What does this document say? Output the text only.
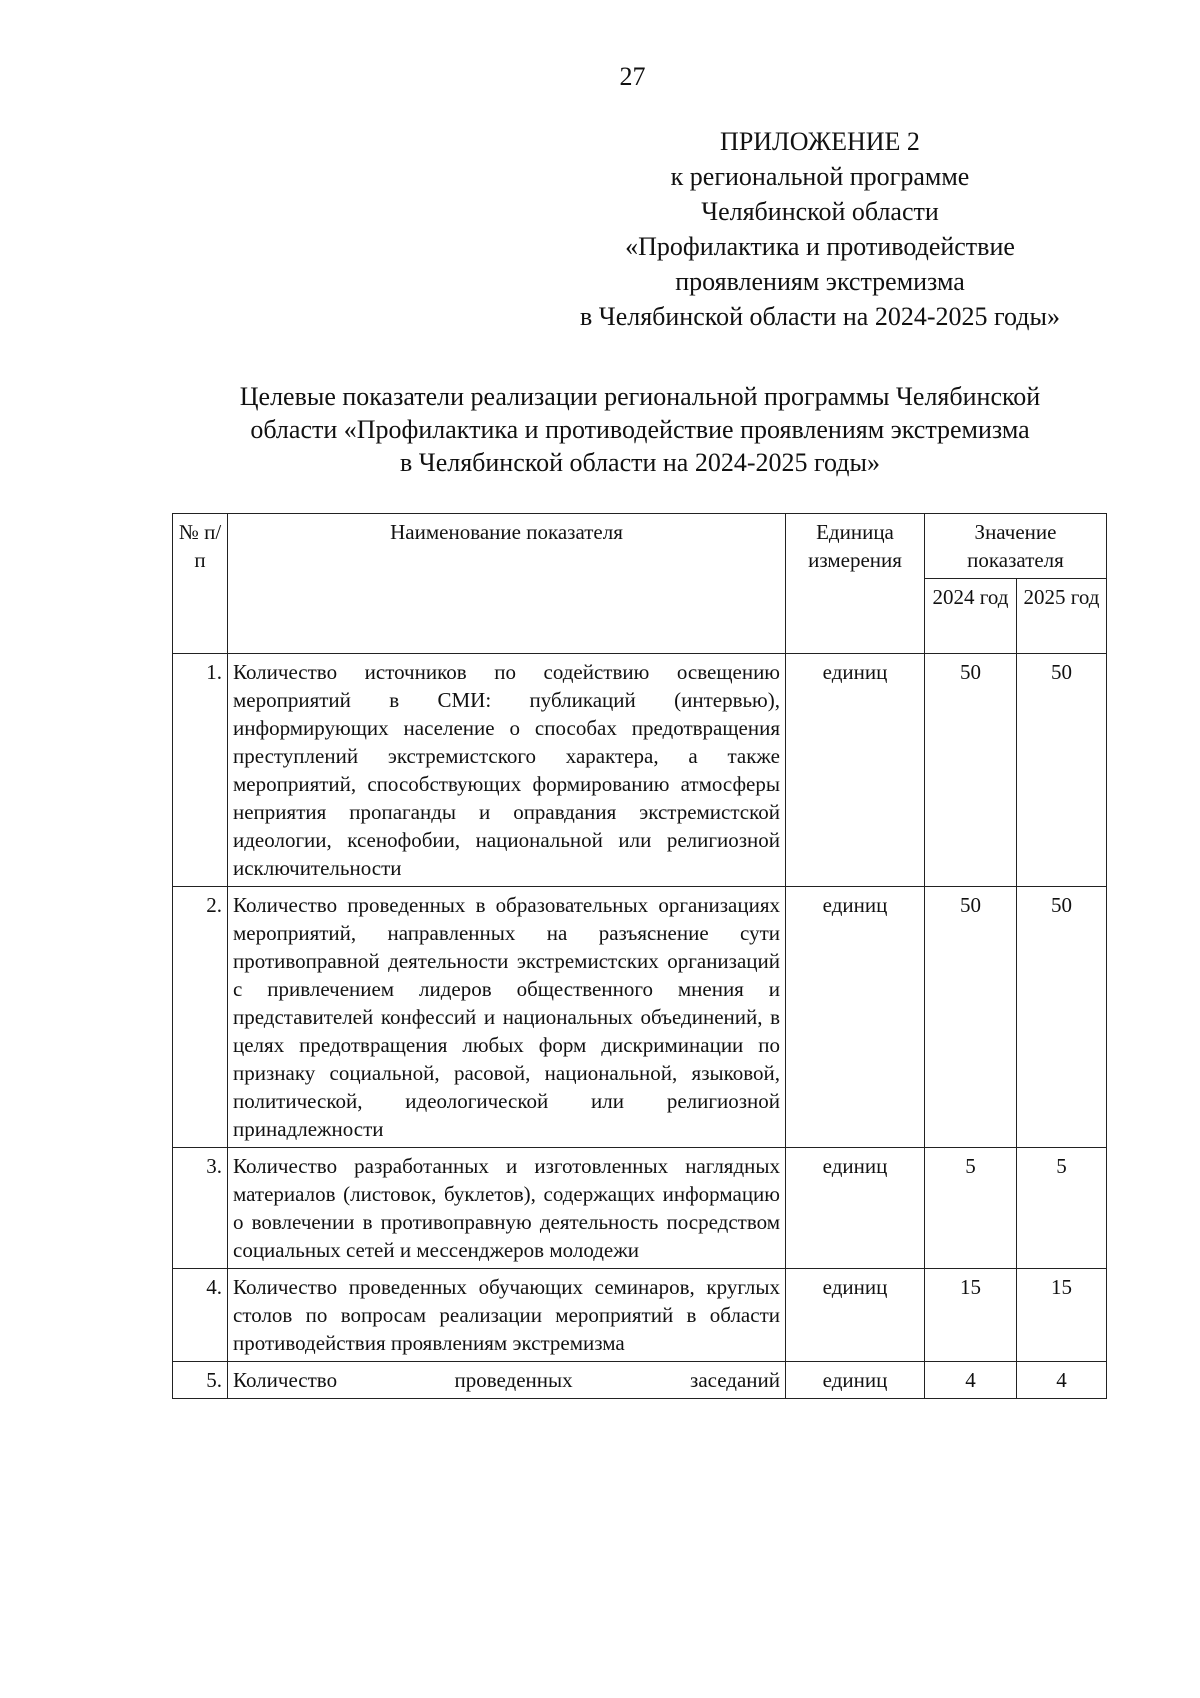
27
ПРИЛОЖЕНИЕ 2
к региональной программе
Челябинской области
«Профилактика и противодействие
проявлениям экстремизма
в Челябинской области на 2024-2025 годы»
Целевые показатели реализации региональной программы Челябинской
области «Профилактика и противодействие проявлениям экстремизма
в Челябинской области на 2024-2025 годы»
№ п/п	Наименование показателя	Единица измерения	Значение показателя	
			2024 год	2025 год
1.	Количество источников по содействию освещению мероприятий в СМИ: публикаций (интервью), информирующих население о способах предотвращения преступлений экстремистского характера, а также мероприятий, способствующих формированию атмосферы неприятия пропаганды и оправдания экстремистской идеологии, ксенофобии, национальной или религиозной исключительности	единиц	50	50
2.	Количество проведенных в образовательных организациях мероприятий, направленных на разъяснение сути противоправной деятельности экстремистских организаций с привлечением лидеров общественного мнения и представителей конфессий и национальных объединений, в целях предотвращения любых форм дискриминации по признаку социальной, расовой, национальной, языковой, политической, идеологической или религиозной принадлежности	единиц	50	50
3.	Количество разработанных и изготовленных наглядных материалов (листовок, буклетов), содержащих информацию о вовлечении в противоправную деятельность посредством социальных сетей и мессенджеров молодежи	единиц	5	5
4.	Количество проведенных обучающих семинаров, круглых столов по вопросам реализации мероприятий в области противодействия проявлениям экстремизма	единиц	15	15
5.	Количество проведенных заседаний	единиц	4	4
